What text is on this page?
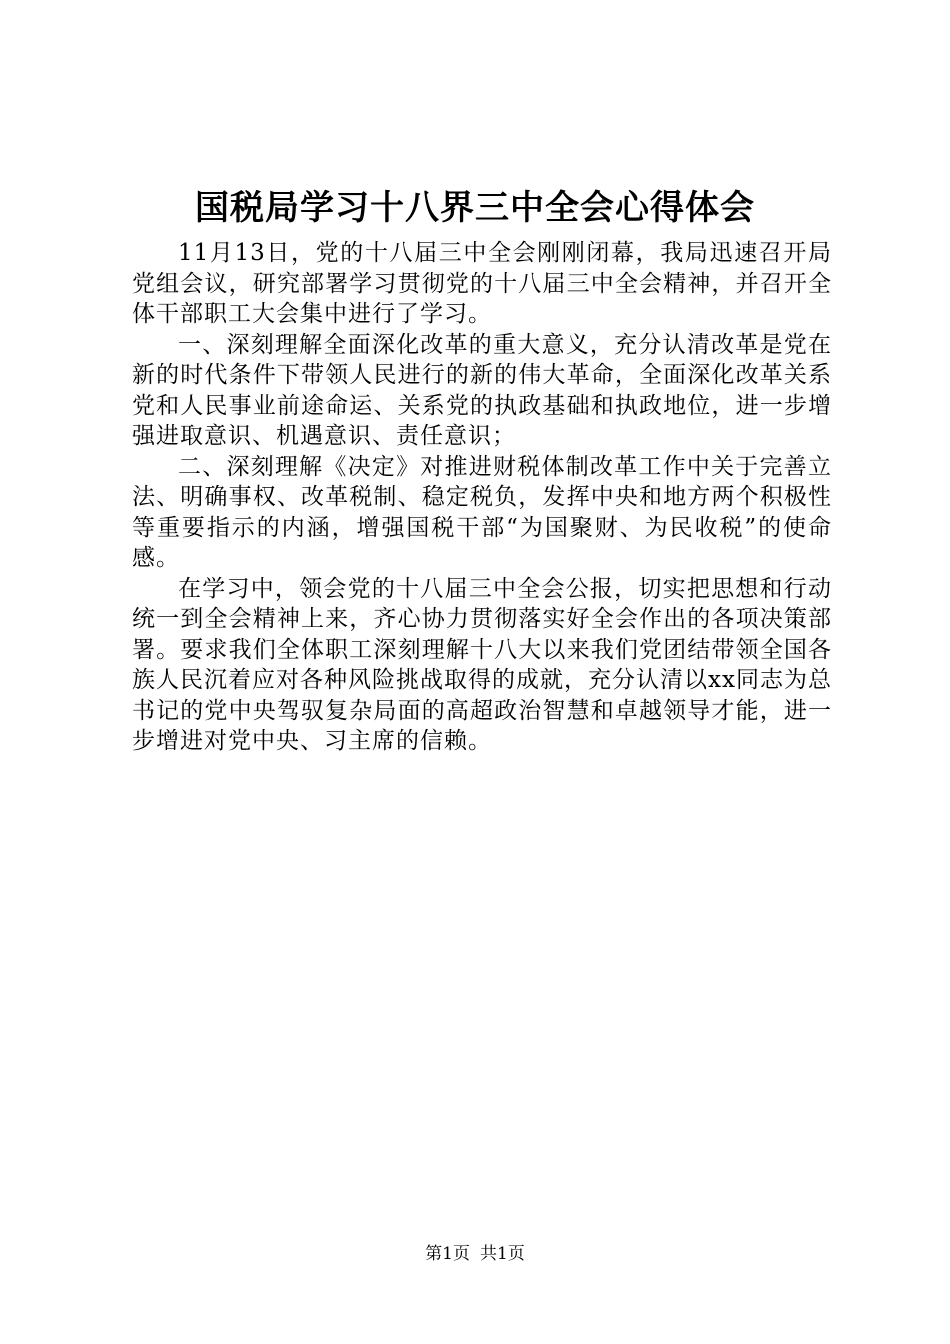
国税局学习十八界三中全会心得体会

11月13日，党的十八届三中全会刚刚闭幕，我局迅速召开局党组会议，研究部署学习贯彻党的十八届三中全会精神，并召开全体干部职工大会集中进行了学习。

一、深刻理解全面深化改革的重大意义，充分认清改革是党在新的时代条件下带领人民进行的新的伟大革命，全面深化改革关系党和人民事业前途命运、关系党的执政基础和执政地位，进一步增强进取意识、机遇意识、责任意识；

二、深刻理解《决定》对推进财税体制改革工作中关于完善立法、明确事权、改革税制、稳定税负，发挥中央和地方两个积极性等重要指示的内涵，增强国税干部“为国聚财、为民收税”的使命感。

在学习中，领会党的十八届三中全会公报，切实把思想和行动统一到全会精神上来，齐心协力贯彻落实好全会作出的各项决策部署。要求我们全体职工深刻理解十八大以来我们党团结带领全国各族人民沉着应对各种风险挑战取得的成就，充分认清以xx同志为总书记的党中央驾驭复杂局面的高超政治智慧和卓越领导才能，进一步增进对党中央、习主席的信赖。

第1页 共1页
